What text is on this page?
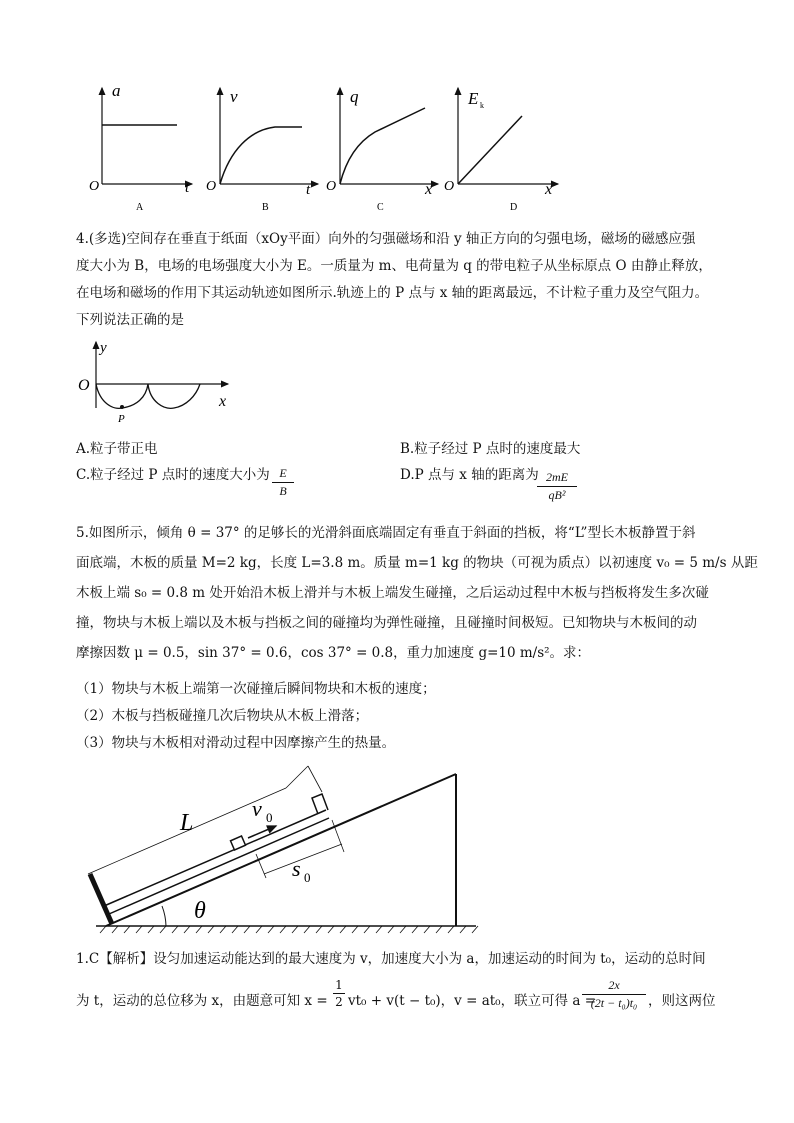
a
t
O
A
v
t
O
B
q
x
O
C
E k
x
O
D
4.(多选)空间存在垂直于纸面（xOy平面）向外的匀强磁场和沿 y 轴正方向的匀强电场，磁场的磁感应强
度大小为 B，电场的电场强度大小为 E。一质量为 m、电荷量为 q 的带电粒子从坐标原点 O 由静止释放，
在电场和磁场的作用下其运动轨迹如图所示.轨迹上的 P 点与 x 轴的距离最远，不计粒子重力及空气阻力。
下列说法正确的是
y
O
x
P
A.粒子带正电	B.粒子经过 P 点时的速度最大
C.粒子经过 P 点时的速度大小为 E
B
D.P 点与 x 轴的距离为 2mE
qB²
5.如图所示，倾角 θ = 37° 的足够长的光滑斜面底端固定有垂直于斜面的挡板，将“L”型长木板静置于斜
面底端，木板的质量 M=2 kg，长度 L=3.8 m。质量 m=1 kg 的物块（可视为质点）以初速度 v₀ = 5 m/s 从距
木板上端 s₀ = 0.8 m 处开始沿木板上滑并与木板上端发生碰撞，之后运动过程中木板与挡板将发生多次碰
撞，物块与木板上端以及木板与挡板之间的碰撞均为弹性碰撞，且碰撞时间极短。已知物块与木板间的动
摩擦因数 μ = 0.5，sin 37° = 0.6，cos 37° = 0.8，重力加速度 g=10 m/s²。求：
（1）物块与木板上端第一次碰撞后瞬间物块和木板的速度；
（2）木板与挡板碰撞几次后物块从木板上滑落；
（3）物块与木板相对滑动过程中因摩擦产生的热量。
L
v 0
s 0
θ
1.C【解析】设匀加速运动能达到的最大速度为 v，加速度大小为 a，加速运动的时间为 t₀，运动的总时间
为 t，运动的总位移为 x，由题意可知 x =
1
2 vt₀ + v(t − t₀)，v = at₀，联立可得 a =
2x
(2t − t₀)t₀ ，则这两位
